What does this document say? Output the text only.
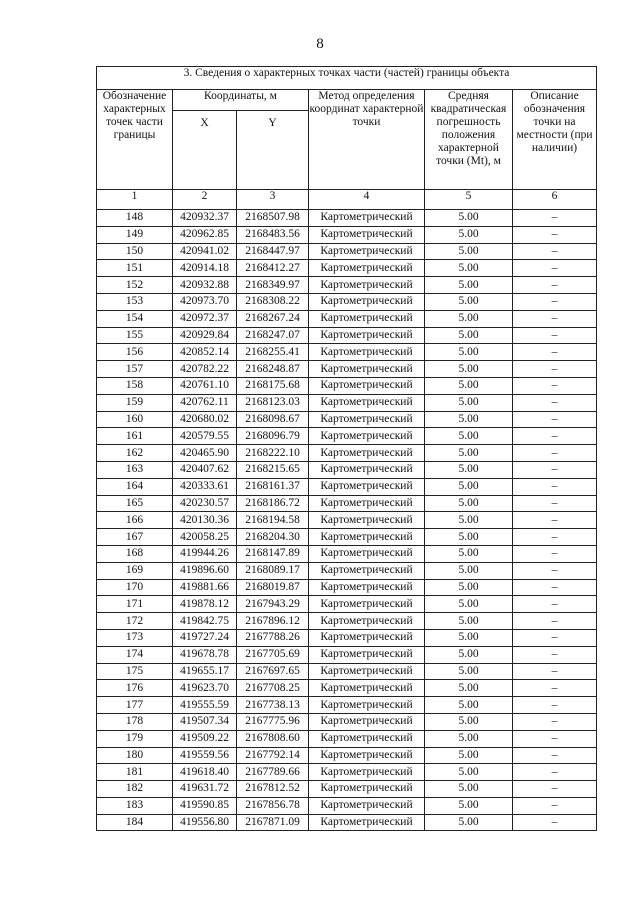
8
3. Сведения о характерных точках части (частей) границы объекта					
Обозначение характерных точек части границы	Координаты, м		Метод определения координат характерной точки	Средняя квадратическая погрешность положения характерной точки (Mt), м	Описание обозначения точки на местности (при наличии)
	X	Y			
1	2	3	4	5	6
148	420932.37	2168507.98	Картометрический	5.00	–
149	420962.85	2168483.56	Картометрический	5.00	–
150	420941.02	2168447.97	Картометрический	5.00	–
151	420914.18	2168412.27	Картометрический	5.00	–
152	420932.88	2168349.97	Картометрический	5.00	–
153	420973.70	2168308.22	Картометрический	5.00	–
154	420972.37	2168267.24	Картометрический	5.00	–
155	420929.84	2168247.07	Картометрический	5.00	–
156	420852.14	2168255.41	Картометрический	5.00	–
157	420782.22	2168248.87	Картометрический	5.00	–
158	420761.10	2168175.68	Картометрический	5.00	–
159	420762.11	2168123.03	Картометрический	5.00	–
160	420680.02	2168098.67	Картометрический	5.00	–
161	420579.55	2168096.79	Картометрический	5.00	–
162	420465.90	2168222.10	Картометрический	5.00	–
163	420407.62	2168215.65	Картометрический	5.00	–
164	420333.61	2168161.37	Картометрический	5.00	–
165	420230.57	2168186.72	Картометрический	5.00	–
166	420130.36	2168194.58	Картометрический	5.00	–
167	420058.25	2168204.30	Картометрический	5.00	–
168	419944.26	2168147.89	Картометрический	5.00	–
169	419896.60	2168089.17	Картометрический	5.00	–
170	419881.66	2168019.87	Картометрический	5.00	–
171	419878.12	2167943.29	Картометрический	5.00	–
172	419842.75	2167896.12	Картометрический	5.00	–
173	419727.24	2167788.26	Картометрический	5.00	–
174	419678.78	2167705.69	Картометрический	5.00	–
175	419655.17	2167697.65	Картометрический	5.00	–
176	419623.70	2167708.25	Картометрический	5.00	–
177	419555.59	2167738.13	Картометрический	5.00	–
178	419507.34	2167775.96	Картометрический	5.00	–
179	419509.22	2167808.60	Картометрический	5.00	–
180	419559.56	2167792.14	Картометрический	5.00	–
181	419618.40	2167789.66	Картометрический	5.00	–
182	419631.72	2167812.52	Картометрический	5.00	–
183	419590.85	2167856.78	Картометрический	5.00	–
184	419556.80	2167871.09	Картометрический	5.00	–
